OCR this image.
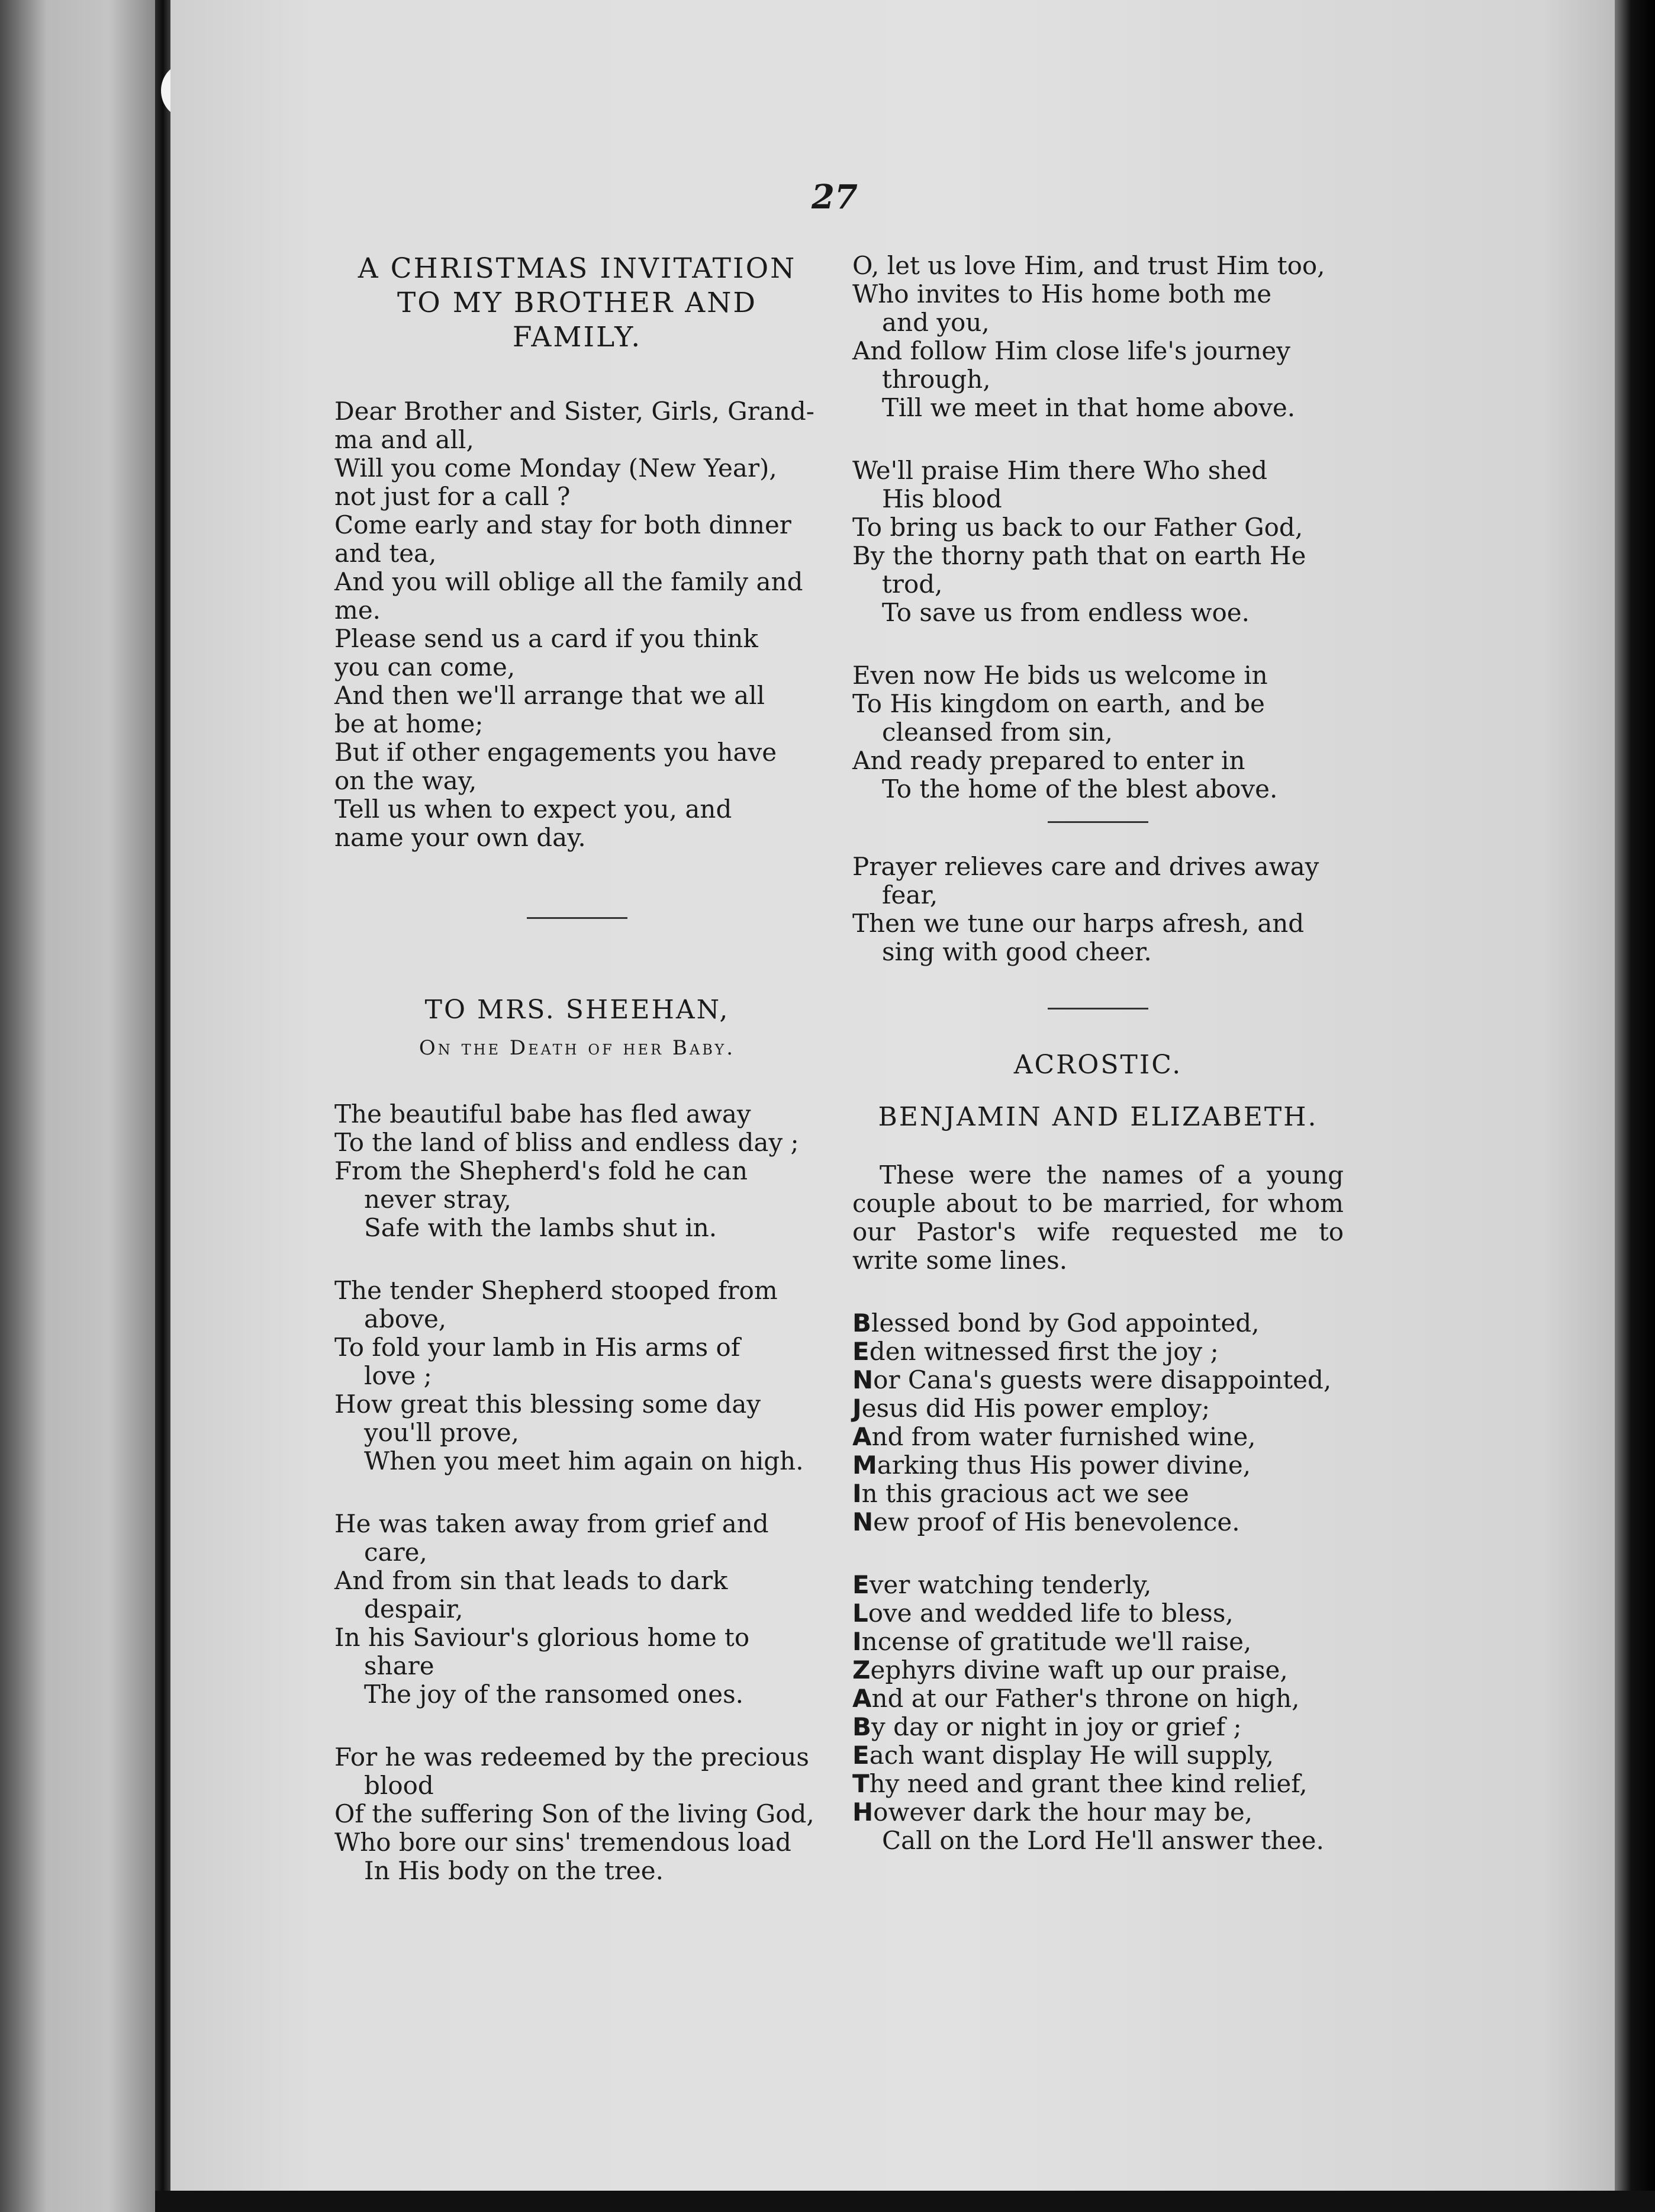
27
A CHRISTMAS INVITATION
TO MY BROTHER AND
FAMILY.

Dear Brother and Sister, Girls, Grand-

ma and all,

Will you come Monday (New Year),

not just for a call ?

Come early and stay for both dinner

and tea,

And you will oblige all the family and

me.

Please send us a card if you think

you can come,

And then we'll arrange that we all

be at home;

But if other engagements you have

on the way,

Tell us when to expect you, and

name your own day.

TO MRS. SHEEHAN,
On the Death of her Baby.

The beautiful babe has fled away

To the land of bliss and endless day ;

From the Shepherd's fold he can

never stray,

Safe with the lambs shut in.

The tender Shepherd stooped from

above,

To fold your lamb in His arms of

love ;

How great this blessing some day

you'll prove,

When you meet him again on high.

He was taken away from grief and

care,

And from sin that leads to dark

despair,

In his Saviour's glorious home to

share

The joy of the ransomed ones.

For he was redeemed by the precious

blood

Of the suffering Son of the living God,

Who bore our sins' tremendous load

In His body on the tree.

O, let us love Him, and trust Him too,

Who invites to His home both me

and you,

And follow Him close life's journey

through,

Till we meet in that home above.

We'll praise Him there Who shed

His blood

To bring us back to our Father God,

By the thorny path that on earth He

trod,

To save us from endless woe.

Even now He bids us welcome in

To His kingdom on earth, and be

cleansed from sin,

And ready prepared to enter in

To the home of the blest above.

Prayer relieves care and drives away

fear,

Then we tune our harps afresh, and

sing with good cheer.

ACROSTIC.
BENJAMIN AND ELIZABETH.

These were the names of a young couple about to be married, for whom our Pastor's wife requested me to write some lines.

Blessed bond by God appointed,

Eden witnessed first the joy ;

Nor Cana's guests were disappointed,

Jesus did His power employ;

And from water furnished wine,

Marking thus His power divine,

In this gracious act we see

New proof of His benevolence.

Ever watching tenderly,

Love and wedded life to bless,

Incense of gratitude we'll raise,

Zephyrs divine waft up our praise,

And at our Father's throne on high,

By day or night in joy or grief ;

Each want display He will supply,

Thy need and grant thee kind relief,

However dark the hour may be,

Call on the Lord He'll answer thee.
